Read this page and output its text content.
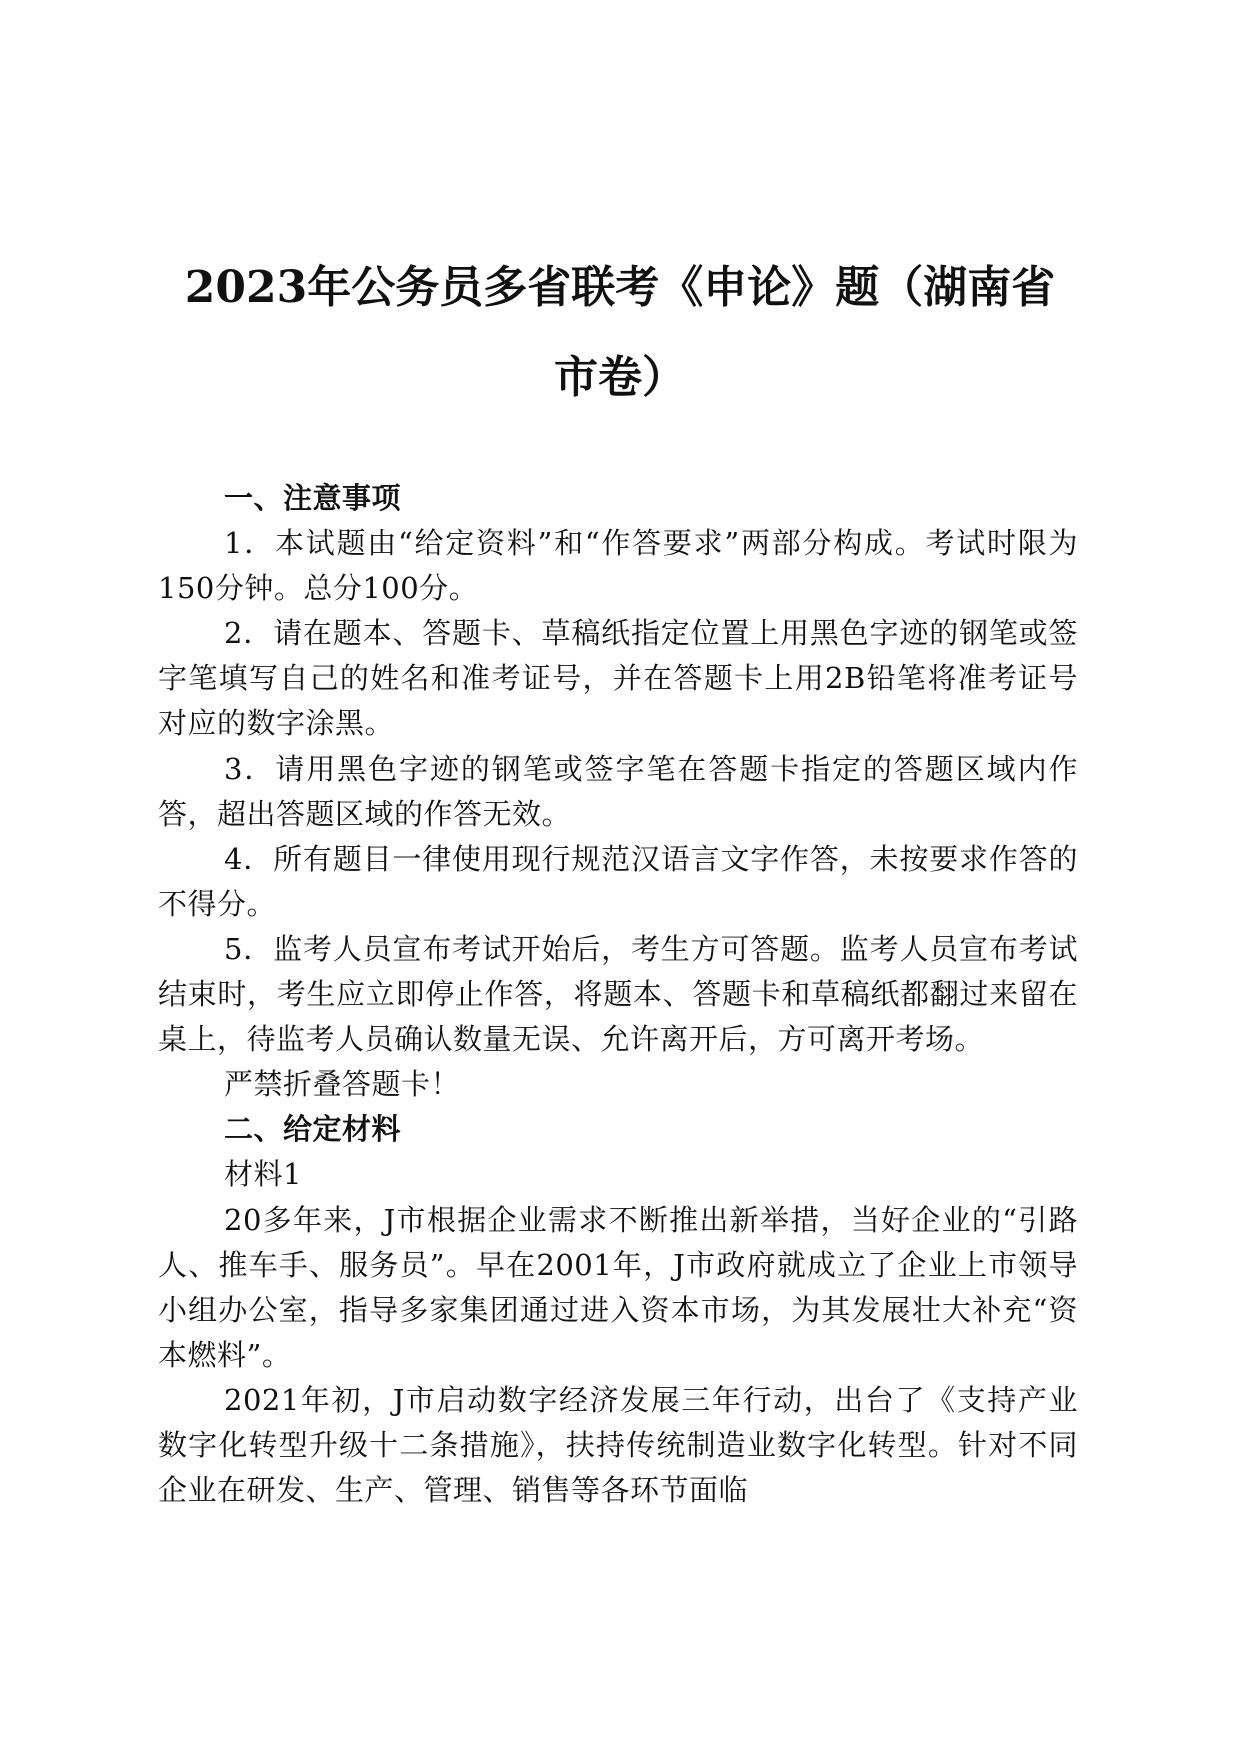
2023年公务员多省联考《申论》题（湖南省
市卷）

一、注意事项

1．本试题由“给定资料”和“作答要求”两部分构成。考试时限为150分钟。总分100分。

2．请在题本、答题卡、草稿纸指定位置上用黑色字迹的钢笔或签字笔填写自己的姓名和准考证号，并在答题卡上用2B铅笔将准考证号对应的数字涂黑。

3．请用黑色字迹的钢笔或签字笔在答题卡指定的答题区域内作答，超出答题区域的作答无效。

4．所有题目一律使用现行规范汉语言文字作答，未按要求作答的不得分。

5．监考人员宣布考试开始后，考生方可答题。监考人员宣布考试结束时，考生应立即停止作答，将题本、答题卡和草稿纸都翻过来留在桌上，待监考人员确认数量无误、允许离开后，方可离开考场。

严禁折叠答题卡！

二、给定材料

材料1

20多年来，J市根据企业需求不断推出新举措，当好企业的“引路人、推车手、服务员”。早在2001年，J市政府就成立了企业上市领导小组办公室，指导多家集团通过进入资本市场，为其发展壮大补充“资本燃料”。

2021年初，J市启动数字经济发展三年行动，出台了《支持产业数字化转型升级十二条措施》，扶持传统制造业数字化转型。针对不同企业在研发、生产、管理、销售等各环节面临
